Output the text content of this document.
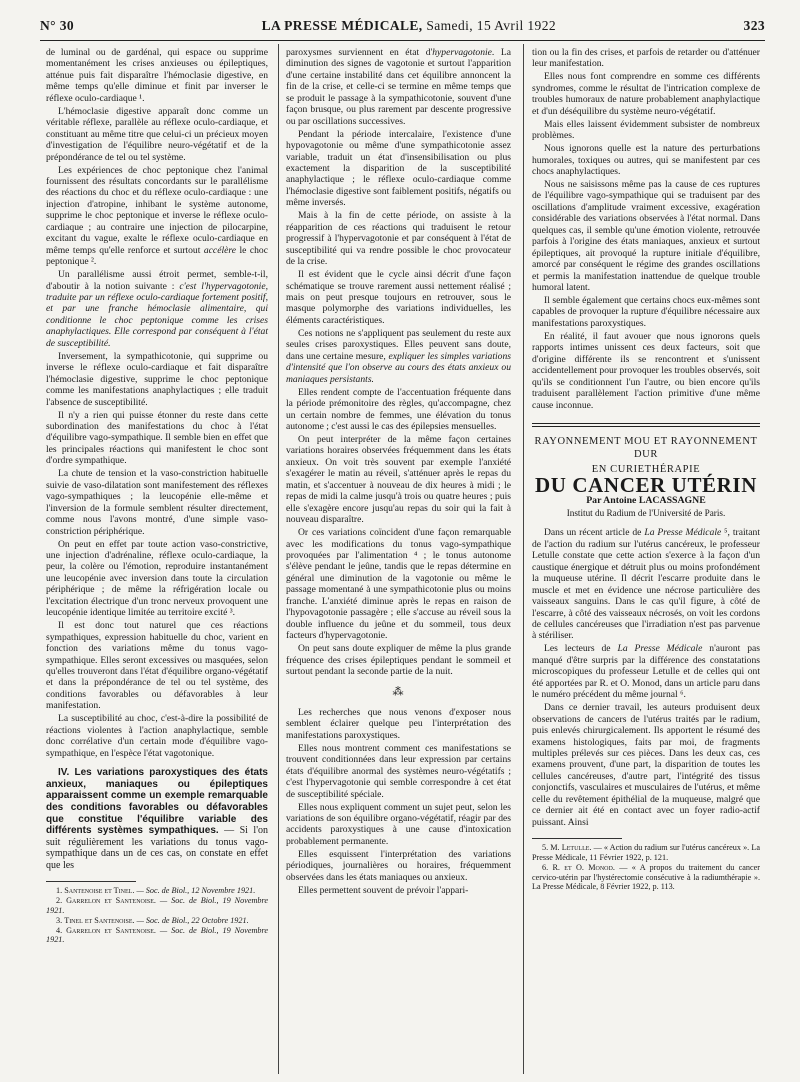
N° 30	LA PRESSE MÉDICALE, Samedi, 15 Avril 1922	323

de luminal ou de gardénal, qui espace ou supprime momentanément les crises anxieuses ou épileptiques, atténue puis fait disparaître l'hémoclasie digestive, en même temps qu'elle diminue et finit par inverser le réflexe oculo-cardiaque ¹.

L'hémoclasie digestive apparaît donc comme un véritable réflexe, parallèle au réflexe oculo-cardiaque, et constituant au même titre que celui-ci un précieux moyen d'investigation de l'équilibre neuro-végétatif et de la prépondérance de tel ou tel système.

Les expériences de choc peptonique chez l'animal fournissent des résultats concordants sur le parallélisme des réactions du choc et du réflexe oculo-cardiaque : une injection d'atropine, inhibant le système autonome, supprime le choc peptonique et inverse le réflexe oculo-cardiaque ; au contraire une injection de pilocarpine, excitant du vague, exalte le réflexe oculo-cardiaque en même temps qu'elle renforce et surtout accélère le choc peptonique ².

Un parallélisme aussi étroit permet, semble-t-il, d'aboutir à la notion suivante : c'est l'hypervagotonie, traduite par un réflexe oculo-cardiaque fortement positif, et par une franche hémoclasie alimentaire, qui conditionne le choc peptonique comme les crises anaphylactiques. Elle correspond par conséquent à l'état de susceptibilité.

Inversement, la sympathicotonie, qui supprime ou inverse le réflexe oculo-cardiaque et fait disparaître l'hémoclasie digestive, supprime le choc peptonique comme les manifestations anaphylactiques ; elle traduit l'absence de susceptibilité.

Il n'y a rien qui puisse étonner du reste dans cette subordination des manifestations du choc à l'état d'équilibre vago-sympathique. Il semble bien en effet que les principales réactions qui manifestent le choc sont d'ordre sympathique.

La chute de tension et la vaso-constriction habituelle suivie de vaso-dilatation sont manifestement des réflexes vago-sympathiques ; la leucopénie elle-même et l'inversion de la formule semblent résulter directement, comme nous l'avons montré, d'une simple vaso-constriction périphérique.

On peut en effet par toute action vaso-constrictive, une injection d'adrénaline, réflexe oculo-cardiaque, la peur, la colère ou l'émotion, reproduire instantanément une leucopénie avec inversion dans toute la circulation périphérique ; de même la réfrigération locale ou l'excitation électrique d'un tronc nerveux provoquent une leucopénie identique limitée au territoire excité ³.

Il est donc tout naturel que ces réactions sympathiques, expression habituelle du choc, varient en fonction des variations même du tonus vago-sympathique. Elles seront excessives ou masquées, selon qu'elles trouveront dans l'état d'équilibre organo-végétatif et dans la prépondérance de tel ou tel système, des conditions favorables ou défavorables à leur manifestation.

La susceptibilité au choc, c'est-à-dire la possibilité de réactions violentes à l'action anaphylactique, semble donc corrélative d'un certain mode d'équilibre vago-sympathique, en l'espèce l'état vagotonique.

IV. Les variations paroxystiques des états anxieux, maniaques ou épileptiques apparaissent comme un exemple remarquable des conditions favorables ou défavorables que constitue l'équilibre variable des différents systèmes sympathiques. — Si l'on suit régulièrement les variations du tonus vago-sympathique dans un de ces cas, on constate en effet que les

1. Santenoise et Tinel. — Soc. de Biol., 12 Novembre 1921.

2. Garrelon et Santenoise. — Soc. de Biol., 19 Novembre 1921.

3. Tinel et Santenoise. — Soc. de Biol., 22 Octobre 1921.

4. Garrelon et Santenoise. — Soc. de Biol., 19 Novembre 1921.

paroxysmes surviennent en état d'hypervagotonie. La diminution des signes de vagotonie et surtout l'apparition d'une certaine instabilité dans cet équilibre annoncent la fin de la crise, et celle-ci se termine en même temps que se produit le passage à la sympathicotonie, souvent d'une façon brusque, ou plus rarement par descente progressive ou par oscillations successives.

Pendant la période intercalaire, l'existence d'une hypovagotonie ou même d'une sympathicotonie assez variable, traduit un état d'insensibilisation ou plus exactement la disparition de la susceptibilité anaphylactique ; le réflexe oculo-cardiaque comme l'hémoclasie digestive sont faiblement positifs, négatifs ou même inversés.

Mais à la fin de cette période, on assiste à la réapparition de ces réactions qui traduisent le retour progressif à l'hypervagotonie et par conséquent à l'état de susceptibilité qui va rendre possible le choc provocateur de la crise.

Il est évident que le cycle ainsi décrit d'une façon schématique se trouve rarement aussi nettement réalisé ; mais on peut presque toujours en retrouver, sous le masque polymorphe des variations individuelles, les éléments caractéristiques.

Ces notions ne s'appliquent pas seulement du reste aux seules crises paroxystiques. Elles peuvent sans doute, dans une certaine mesure, expliquer les simples variations d'intensité que l'on observe au cours des états anxieux ou maniaques persistants.

Elles rendent compte de l'accentuation fréquente dans la période prémonitoire des règles, qu'accompagne, chez un certain nombre de femmes, une élévation du tonus autonome ; c'est aussi le cas des épilepsies mensuelles.

On peut interpréter de la même façon certaines variations horaires observées fréquemment dans les états anxieux. On voit très souvent par exemple l'anxiété s'exagérer le matin au réveil, s'atténuer après le repas du matin, et s'accentuer à nouveau de dix heures à midi ; le repas de midi la calme jusqu'à trois ou quatre heures ; puis elle s'exagère encore jusqu'au repas du soir qui la fait à nouveau disparaître.

Or ces variations coïncident d'une façon remarquable avec les modifications du tonus vago-sympathique provoquées par l'alimentation ⁴ ; le tonus autonome s'élève pendant le jeûne, tandis que le repas détermine en général une diminution de la vagotonie ou même le passage momentané à une sympathicotonie plus ou moins franche. L'anxiété diminue après le repas en raison de l'hypovagotonie passagère ; elle s'accuse au réveil sous la double influence du jeûne et du sommeil, tous deux facteurs d'hypervagotonie.

On peut sans doute expliquer de même la plus grande fréquence des crises épileptiques pendant le sommeil et surtout pendant la seconde partie de la nuit.

⁂

Les recherches que nous venons d'exposer nous semblent éclairer quelque peu l'interprétation des manifestations paroxystiques.

Elles nous montrent comment ces manifestations se trouvent conditionnées dans leur expression par certains états d'équilibre anormal des systèmes neuro-végétatifs ; c'est l'hypervagotonie qui semble correspondre à cet état de susceptibilité spéciale.

Elles nous expliquent comment un sujet peut, selon les variations de son équilibre organo-végétatif, réagir par des accidents paroxystiques à une cause d'intoxication probablement permanente.

Elles esquissent l'interprétation des variations périodiques, journalières ou horaires, fréquemment observées dans les états maniaques ou anxieux.

Elles permettent souvent de prévoir l'appari-

tion ou la fin des crises, et parfois de retarder ou d'atténuer leur manifestation.

Elles nous font comprendre en somme ces différents syndromes, comme le résultat de l'intrication complexe de troubles humoraux de nature probablement anaphylactique et d'un déséquilibre du système neuro-végétatif.

Mais elles laissent évidemment subsister de nombreux problèmes.

Nous ignorons quelle est la nature des perturbations humorales, toxiques ou autres, qui se manifestent par ces chocs anaphylactiques.

Nous ne saisissons même pas la cause de ces ruptures de l'équilibre vago-sympathique qui se traduisent par des oscillations d'amplitude vraiment excessive, exagération considérable des variations observées à l'état normal. Dans quelques cas, il semble qu'une émotion violente, retrouvée parfois à l'origine des états maniaques, anxieux et surtout épileptiques, ait provoqué la rupture initiale d'équilibre, amorcé par conséquent le régime des grandes oscillations et permis la manifestation inattendue de quelque trouble humoral latent.

Il semble également que certains chocs eux-mêmes sont capables de provoquer la rupture d'équilibre nécessaire aux manifestations paroxystiques.

En réalité, il faut avouer que nous ignorons quels rapports intimes unissent ces deux facteurs, soit que d'origine différente ils se rencontrent et s'unissent accidentellement pour provoquer les troubles observés, soit qu'ils se conditionnent l'un l'autre, ou bien encore qu'ils traduisent parallèlement l'action primitive d'une même cause inconnue.

RAYONNEMENT MOU ET RAYONNEMENT DUR

EN CURIETHÉRAPIE

DU CANCER UTÉRIN

Par Antoine LACASSAGNE

Institut du Radium de l'Université de Paris.

Dans un récent article de La Presse Médicale ⁵, traitant de l'action du radium sur l'utérus cancéreux, le professeur Letulle constate que cette action s'exerce à la façon d'un caustique énergique et détruit plus ou moins profondément la muqueuse utérine. Il décrit l'escarre produite dans le muscle et met en évidence une nécrose particulière des vaisseaux sanguins. Dans le cas qu'il figure, à côté de l'escarre, à côté des vaisseaux nécrosés, on voit les cordons de cellules cancéreuses que l'irradiation n'est pas parvenue à stériliser.

Les lecteurs de La Presse Médicale n'auront pas manqué d'être surpris par la différence des constatations microscopiques du professeur Letulle et de celles qui ont été apportées par R. et O. Monod, dans un article paru dans le numéro précédent du même journal ⁶.

Dans ce dernier travail, les auteurs produisent deux observations de cancers de l'utérus traités par le radium, puis enlevés chirurgicalement. Ils apportent le résumé des examens histologiques, faits par moi, de fragments multiples prélevés sur ces pièces. Dans les deux cas, ces examens prouvent, d'une part, la disparition de toutes les cellules cancéreuses, d'autre part, l'intégrité des tissus conjonctifs, vasculaires et musculaires de l'utérus, et même celle du revêtement épithélial de la muqueuse, malgré que ce dernier ait été en contact avec un foyer radio-actif puissant. Ainsi

5. M. Letulle. — « Action du radium sur l'utérus cancéreux ». La Presse Médicale, 11 Février 1922, p. 121.

6. R. et O. Monod. — « A propos du traitement du cancer cervico-utérin par l'hystérectomie consécutive à la radiumthérapie ». La Presse Médicale, 8 Février 1922, p. 113.
